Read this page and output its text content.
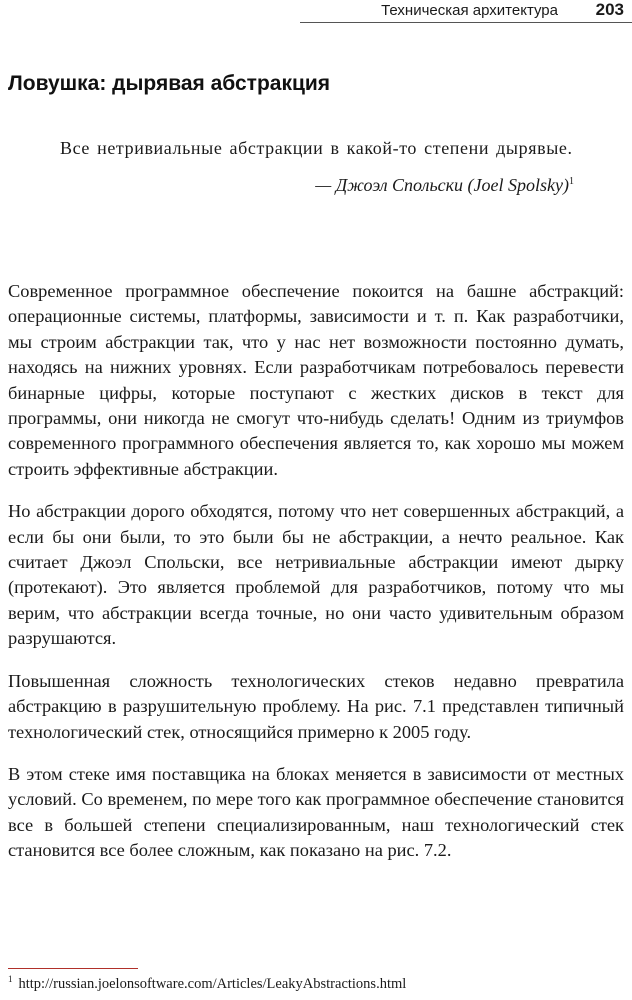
Техническая архитектура 203
Ловушка: дырявая абстракция

Все нетривиальные абстракции в какой-то степени дырявые.

— Джоэл Спольски (Joel Spolsky)$^1$

Современное программное обеспечение покоится на башне абстракций: операционные системы, платформы, зависимости и т. п. Как разработчики, мы строим абстракции так, что у нас нет возможности постоянно думать, находясь на нижних уровнях. Если разработчикам потребовалось перевести бинарные цифры, которые поступают с жестких дисков в текст для программы, они никогда не смогут что-нибудь сделать! Одним из триумфов современного программного обеспечения является то, как хорошо мы можем строить эффективные абстракции.

Но абстракции дорого обходятся, потому что нет совершенных абстракций, а если бы они были, то это были бы не абстракции, а нечто реальное. Как считает Джоэл Спольски, все нетривиальные абстракции имеют дырку (протекают). Это является проблемой для разработчиков, потому что мы верим, что абстракции всегда точные, но они часто удивительным образом разрушаются.

Повышенная сложность технологических стеков недавно превратила абстракцию в разрушительную проблему. На рис. 7.1 представлен типичный технологический стек, относящийся примерно к 2005 году.

В этом стеке имя поставщика на блоках меняется в зависимости от местных условий. Со временем, по мере того как программное обеспечение становится все в большей степени специализированным, наш технологический стек становится все более сложным, как показано на рис. 7.2.

$^1$ http://russian.joelonsoftware.com/Articles/LeakyAbstractions.html
